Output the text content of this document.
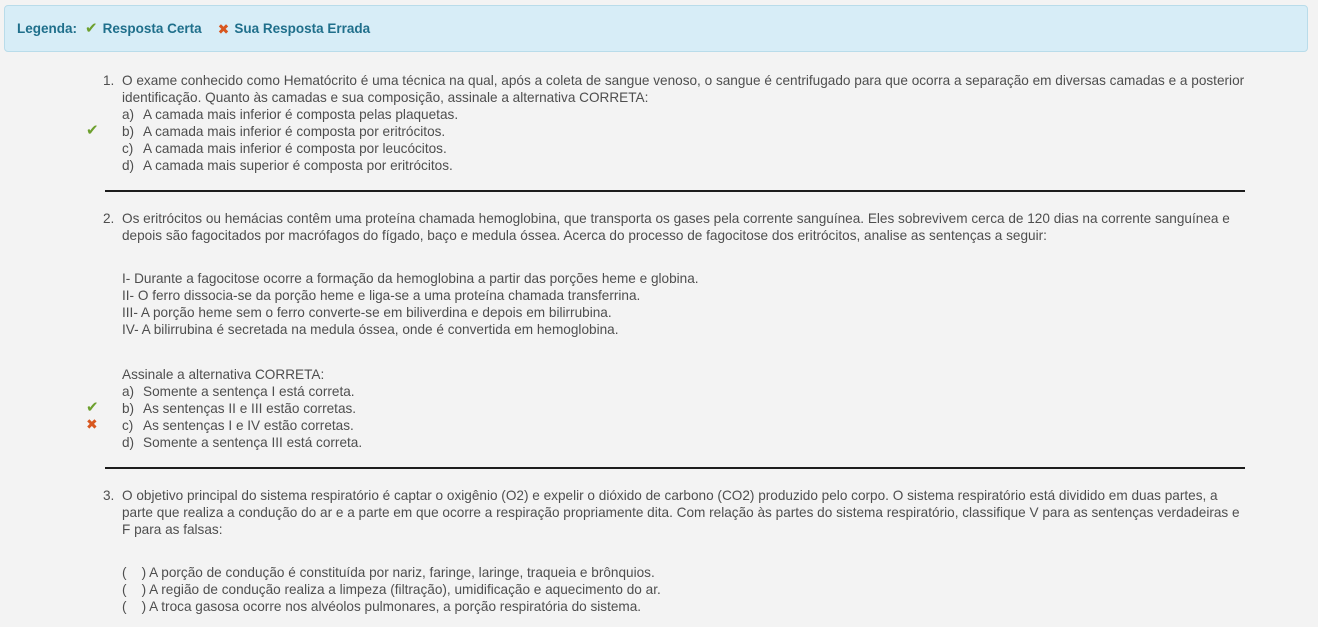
Legenda: ✔ Resposta Certa ✖ Sua Resposta Errada
1. O exame conhecido como Hematócrito é uma técnica na qual, após a coleta de sangue venoso, o sangue é centrifugado para que ocorra a separação em diversas camadas e a posterior identificação. Quanto às camadas e sua composição, assinale a alternativa CORRETA:
a) A camada mais inferior é composta pelas plaquetas.
✔ b) A camada mais inferior é composta por eritrócitos.
c) A camada mais inferior é composta por leucócitos.
d) A camada mais superior é composta por eritrócitos.
2. Os eritrócitos ou hemácias contêm uma proteína chamada hemoglobina, que transporta os gases pela corrente sanguínea. Eles sobrevivem cerca de 120 dias na corrente sanguínea e depois são fagocitados por macrófagos do fígado, baço e medula óssea. Acerca do processo de fagocitose dos eritrócitos, analise as sentenças a seguir:
I- Durante a fagocitose ocorre a formação da hemoglobina a partir das porções heme e globina.
II- O ferro dissocia-se da porção heme e liga-se a uma proteína chamada transferrina.
III- A porção heme sem o ferro converte-se em biliverdina e depois em bilirrubina.
IV- A bilirrubina é secretada na medula óssea, onde é convertida em hemoglobina.
Assinale a alternativa CORRETA:
a) Somente a sentença I está correta.
✔ b) As sentenças II e III estão corretas.
✖ c) As sentenças I e IV estão corretas.
d) Somente a sentença III está correta.
3. O objetivo principal do sistema respiratório é captar o oxigênio (O2) e expelir o dióxido de carbono (CO2) produzido pelo corpo. O sistema respiratório está dividido em duas partes, a parte que realiza a condução do ar e a parte em que ocorre a respiração propriamente dita. Com relação às partes do sistema respiratório, classifique V para as sentenças verdadeiras e F para as falsas:
(    ) A porção de condução é constituída por nariz, faringe, laringe, traqueia e brônquios.
(    ) A região de condução realiza a limpeza (filtração), umidificação e aquecimento do ar.
(    ) A troca gasosa ocorre nos alvéolos pulmonares, a porção respiratória do sistema.
